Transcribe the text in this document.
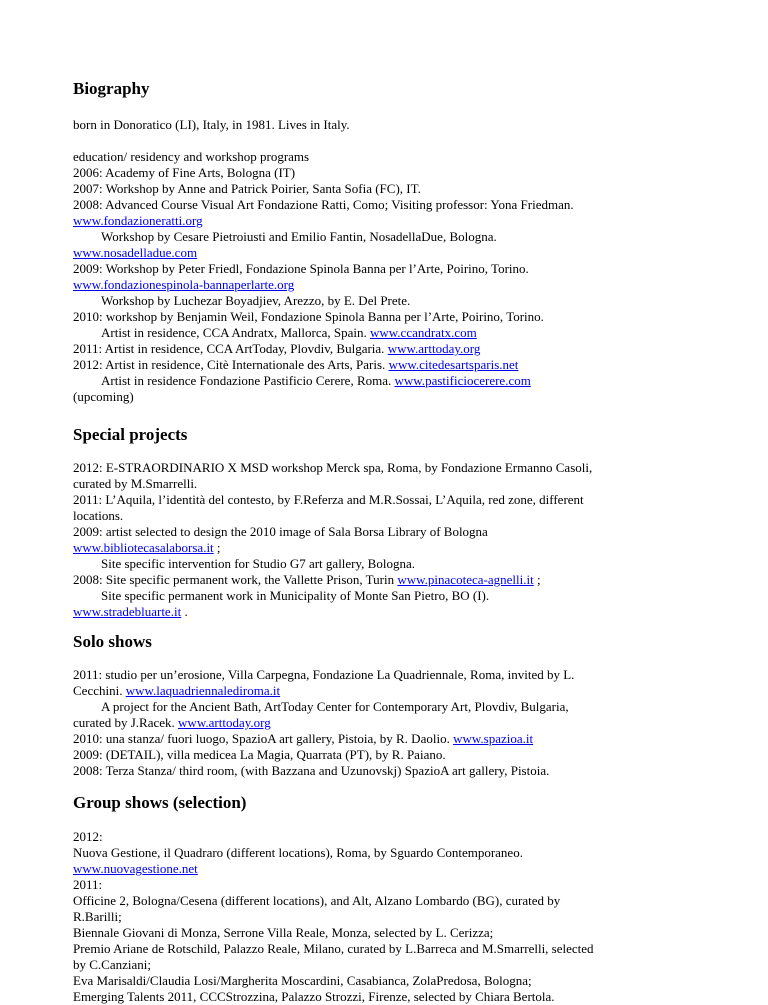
Biography
born in Donoratico (LI), Italy, in 1981. Lives in Italy.
education/ residency and workshop programs
2006: Academy of Fine Arts, Bologna (IT)
2007: Workshop by Anne and Patrick Poirier, Santa Sofia (FC), IT.
2008: Advanced Course Visual Art Fondazione Ratti, Como; Visiting professor: Yona Friedman.
www.fondazioneratti.org
Workshop by Cesare Pietroiusti and Emilio Fantin, NosadellaDue, Bologna.
www.nosadelladue.com
2009: Workshop by Peter Friedl, Fondazione Spinola Banna per l’Arte, Poirino, Torino.
www.fondazionespinola-bannaperlarte.org
Workshop by Luchezar Boyadjiev, Arezzo, by E. Del Prete.
2010: workshop by Benjamin Weil, Fondazione Spinola Banna per l’Arte, Poirino, Torino.
Artist in residence, CCA Andratx, Mallorca, Spain. www.ccandratx.com
2011: Artist in residence, CCA ArtToday, Plovdiv, Bulgaria. www.arttoday.org
2012: Artist in residence, Citè Internationale des Arts, Paris. www.citedesartsparis.net
Artist in residence Fondazione Pastificio Cerere, Roma. www.pastificiocerere.com
(upcoming)
Special projects
2012: E-STRAORDINARIO X MSD workshop Merck spa, Roma, by Fondazione Ermanno Casoli,
curated by M.Smarrelli.
2011: L’Aquila, l’identità del contesto, by F.Referza and M.R.Sossai, L’Aquila, red zone, different
locations.
2009: artist selected to design the 2010 image of Sala Borsa Library of Bologna
www.bibliotecasalaborsa.it ;
Site specific intervention for Studio G7 art gallery, Bologna.
2008: Site specific permanent work, the Vallette Prison, Turin www.pinacoteca-agnelli.it ;
Site specific permanent work in Municipality of Monte San Pietro, BO (I).
www.stradebluarte.it .
Solo shows
2011: studio per un’erosione, Villa Carpegna, Fondazione La Quadriennale, Roma, invited by L.
Cecchini. www.laquadriennalediroma.it
A project for the Ancient Bath, ArtToday Center for Contemporary Art, Plovdiv, Bulgaria,
curated by J.Racek. www.arttoday.org
2010: una stanza/ fuori luogo, SpazioA art gallery, Pistoia, by R. Daolio. www.spazioa.it
2009: (DETAIL), villa medicea La Magia, Quarrata (PT), by R. Paiano.
2008: Terza Stanza/ third room, (with Bazzana and Uzunovskj) SpazioA art gallery, Pistoia.
Group shows (selection)
2012:
Nuova Gestione, il Quadraro (different locations), Roma, by Sguardo Contemporaneo.
www.nuovagestione.net
2011:
Officine 2, Bologna/Cesena (different locations), and Alt, Alzano Lombardo (BG), curated by
R.Barilli;
Biennale Giovani di Monza, Serrone Villa Reale, Monza, selected by L. Cerizza;
Premio Ariane de Rotschild, Palazzo Reale, Milano, curated by L.Barreca and M.Smarrelli, selected
by C.Canziani;
Eva Marisaldi/Claudia Losi/Margherita Moscardini, Casabianca, ZolaPredosa, Bologna;
Emerging Talents 2011, CCCStrozzina, Palazzo Strozzi, Firenze, selected by Chiara Bertola.
